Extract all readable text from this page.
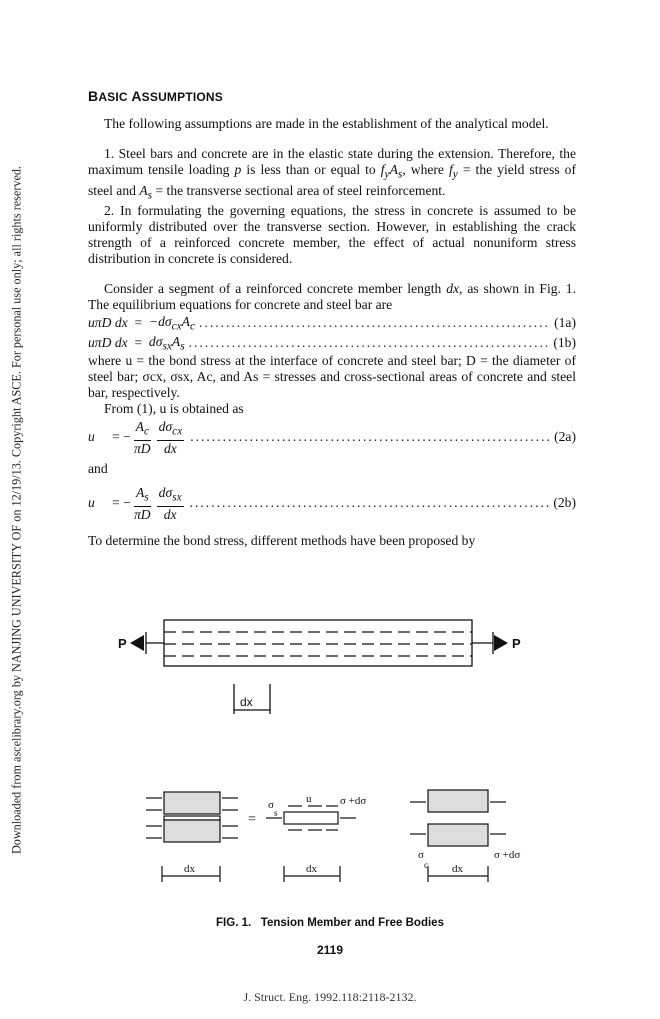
Downloaded from ascelibrary.org by NANJING UNIVERSITY OF on 12/19/13. Copyright ASCE. For personal use only; all rights reserved.
BASIC ASSUMPTIONS

The following assumptions are made in the establishment of the analytical model.

1. Steel bars and concrete are in the elastic state during the extension. Therefore, the maximum tensile loading p is less than or equal to $f_yA_s$, where $f_y$ = the yield stress of steel and $A_s$ = the transverse sectional area of steel reinforcement.

2. In formulating the governing equations, the stress in concrete is assumed to be uniformly distributed over the transverse section. However, in establishing the crack strength of a reinforced concrete member, the effect of actual nonuniform stress distribution in concrete is considered.

Consider a segment of a reinforced concrete member length dx, as shown in Fig. 1. The equilibrium equations for concrete and steel bar are

uπD dx = $-d\sigma_{cx}A_c$ .....	(1a)
uπD dx = $d\sigma_{sx}A_s$ .....	(1b)

where u = the bond stress at the interface of concrete and steel bar; D = the diameter of steel bar; σcx, σsx, Ac, and As = stresses and cross-sectional areas of concrete and steel bar, respectively.

From (1), u is obtained as

u	= − $\frac{A_c}{\pi D} \frac{d\sigma_{cx}}{dx}$ .....	(2a)

and

u	= − $\frac{A_s}{\pi D} \frac{d\sigma_{sx}}{dx}$ .....	(2b)

To determine the bond stress, different methods have been proposed by

P	P
dx
=
σ
s
u	σ +dσ
σ
c
σ +dσ
dx	dx	dx
FIG. 1. Tension Member and Free Bodies
2119
J. Struct. Eng. 1992.118:2118-2132.
